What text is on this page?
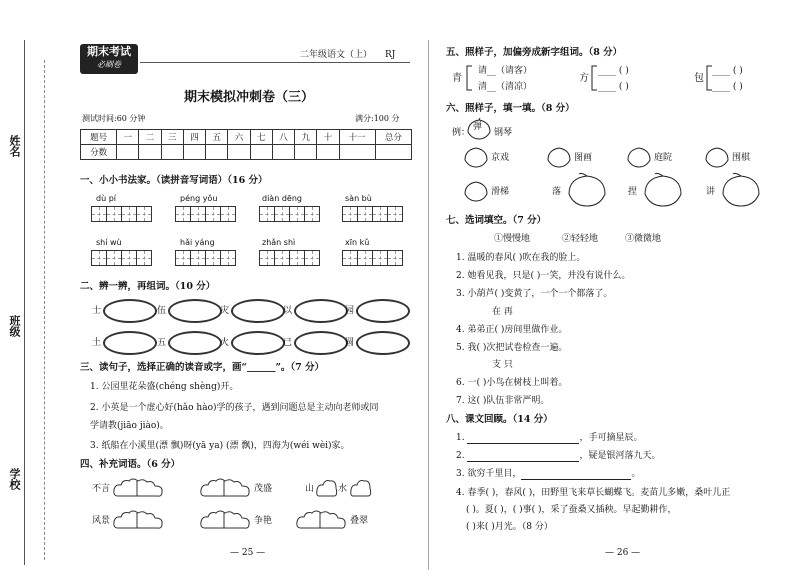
姓名
班级
学校
期末考试
必刷卷
二年级语文（上） RJ
期末模拟冲刺卷（三）
测试时间:60 分钟	满分:100 分
题号	一	二	三	四	五	六	七	八	九	十	十一	总分
分数												
一、小小书法家。（读拼音写词语）（16 分）
dù pí	péng yǒu	diàn dēng	sàn bù
shí wù	hǎi yáng	zhǎn shì	xīn kǔ
二、辨一辨，再组词。（10 分）
士	伍	灾	以	园
土	五	火	已	圆
三、读句子，选择正确的读音或字，画“______”。（7 分）
1. 公园里花朵盛(chéng shèng)开。
2. 小英是一个虚心好(hǎo hào)学的孩子，遇到问题总是主动向老师或同
学请教(jiāo jiào)。
3. 纸船在小溪里(漂 飘)呀(yā ya) (漂 飘)，四海为(wéi wèi)家。
四、补充词语。（6 分）
不言	茂盛	山	水
风景	争艳	叠翠
— 25 —
五、照样子，加偏旁成新字组词。（8 分）
青
请__（请客）
清__（清凉）
方
____ ( )
____ ( )
包
____ ( )
____ ( )
六、照样子，填一填。（8 分）
例：
弹
钢琴
京戏	图画	庭院	围棋
滑梯	落	捏	讲
七、选词填空。（7 分）
①慢慢地	②轻轻地	③微微地
1. 温暖的春风( )吹在我的脸上。
2. 她看见我，只是( )一笑，并没有说什么。
3. 小葫芦( )变黄了，一个一个都落了。
在 再
4. 弟弟正( )房间里做作业。
5. 我( )次把试卷检查一遍。
支 只
6. 一( )小鸟在树枝上叫着。
7. 这( )队伍非常严明。
八、课文回顾。（14 分）
1.	，手可摘星辰。
2.	，疑是银河落九天。
3. 欲穷千里目，	。
4. 春季( )，春风( )，田野里飞来草长蝴蝶飞。麦苗儿多嫩，桑叶儿正
( )。夏( )，( )事( )，采了蚕桑又插秧。早起勤耕作，
( )来( )月光。（8 分）
— 26 —
